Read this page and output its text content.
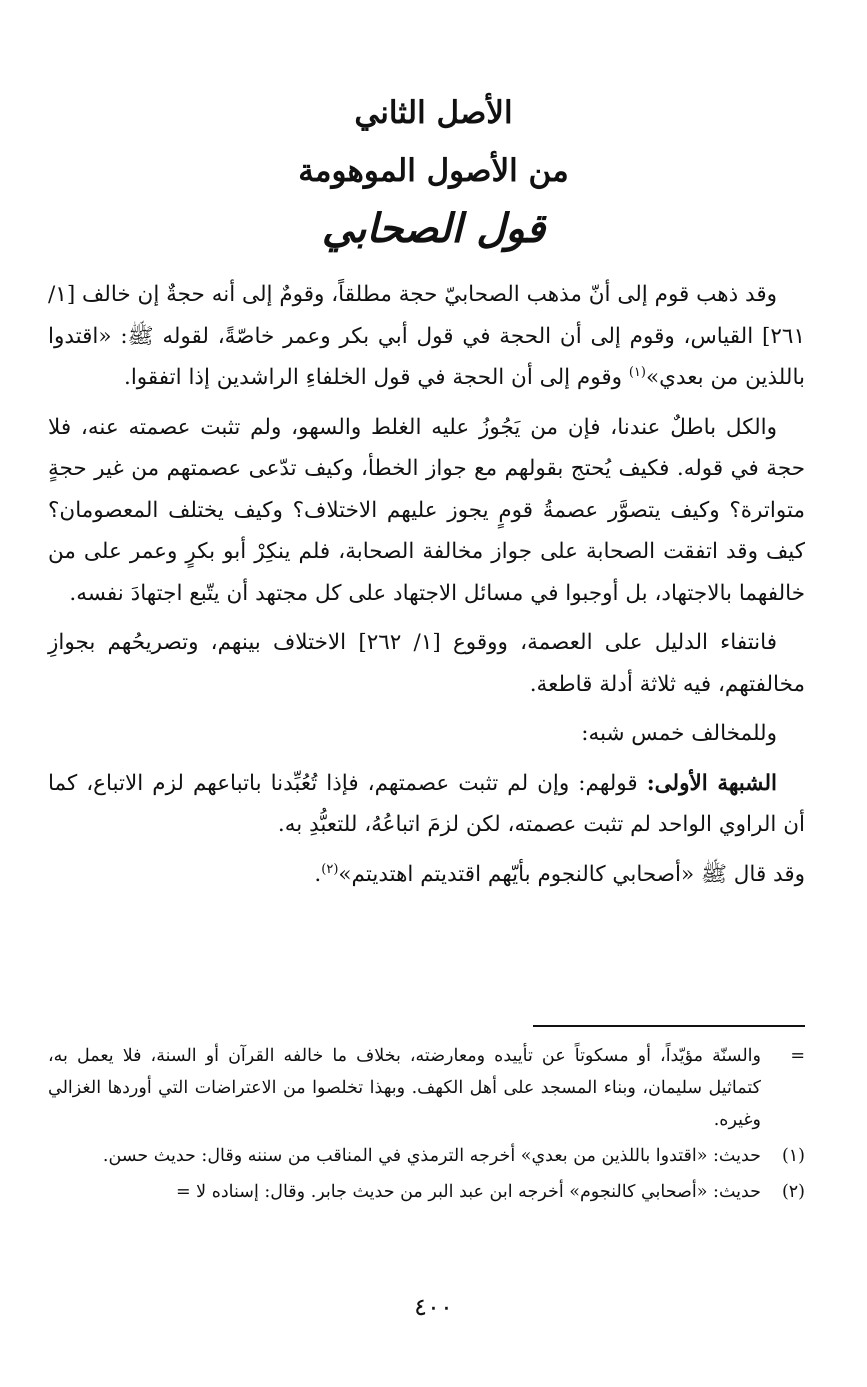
الأصل الثاني
من الأصول الموهومة
قول الصحابي

وقد ذهب قوم إلى أنّ مذهب الصحابيّ حجة مطلقاً، وقومٌ إلى أنه حجةٌ إن خالف [١/ ٢٦١] القياس، وقوم إلى أن الحجة في قول أبي بكر وعمر خاصّةً، لقوله ﷺ: «اقتدوا باللذين من بعدي»$^{(١)}$ وقوم إلى أن الحجة في قول الخلفاءِ الراشدين إذا اتفقوا.

والكل باطلٌ عندنا، فإن من يَجُوزُ عليه الغلط والسهو، ولم تثبت عصمته عنه، فلا حجة في قوله. فكيف يُحتج بقولهم مع جواز الخطأ، وكيف تدّعى عصمتهم من غير حجةٍ متواترة؟ وكيف يتصوَّر عصمةُ قومٍ يجوز عليهم الاختلاف؟ وكيف يختلف المعصومان؟ كيف وقد اتفقت الصحابة على جواز مخالفة الصحابة، فلم ينكِرْ أبو بكرٍ وعمر على من خالفهما بالاجتهاد، بل أوجبوا في مسائل الاجتهاد على كل مجتهد أن يتّبع اجتهادَ نفسه.

فانتفاء الدليل على العصمة، ووقوع [١/ ٢٦٢] الاختلاف بينهم، وتصريحُهم بجوازِ مخالفتهم، فيه ثلاثة أدلة قاطعة.

وللمخالف خمس شبه:

الشبهة الأولى: قولهم: وإن لم تثبت عصمتهم، فإذا تُعُبِّدنا باتباعهم لزم الاتباع، كما أن الراوي الواحد لم تثبت عصمته، لكن لزمَ اتباعُهُ، للتعبُّدِ به.

وقد قال ﷺ «أصحابي كالنجوم بأيّهم اقتديتم اهتديتم»$^{(٢)}$.

=
والسنّة مؤيّداً، أو مسكوتاً عن تأييده ومعارضته، بخلاف ما خالفه القرآن أو السنة، فلا يعمل به، كتماثيل سليمان، وبناء المسجد على أهل الكهف. وبهذا تخلصوا من الاعتراضات التي أوردها الغزالي وغيره.
(١)
حديث: «اقتدوا باللذين من بعدي» أخرجه الترمذي في المناقب من سننه وقال: حديث حسن.
(٢)
حديث: «أصحابي كالنجوم» أخرجه ابن عبد البر من حديث جابر. وقال: إسناده لا =
٤٠٠
